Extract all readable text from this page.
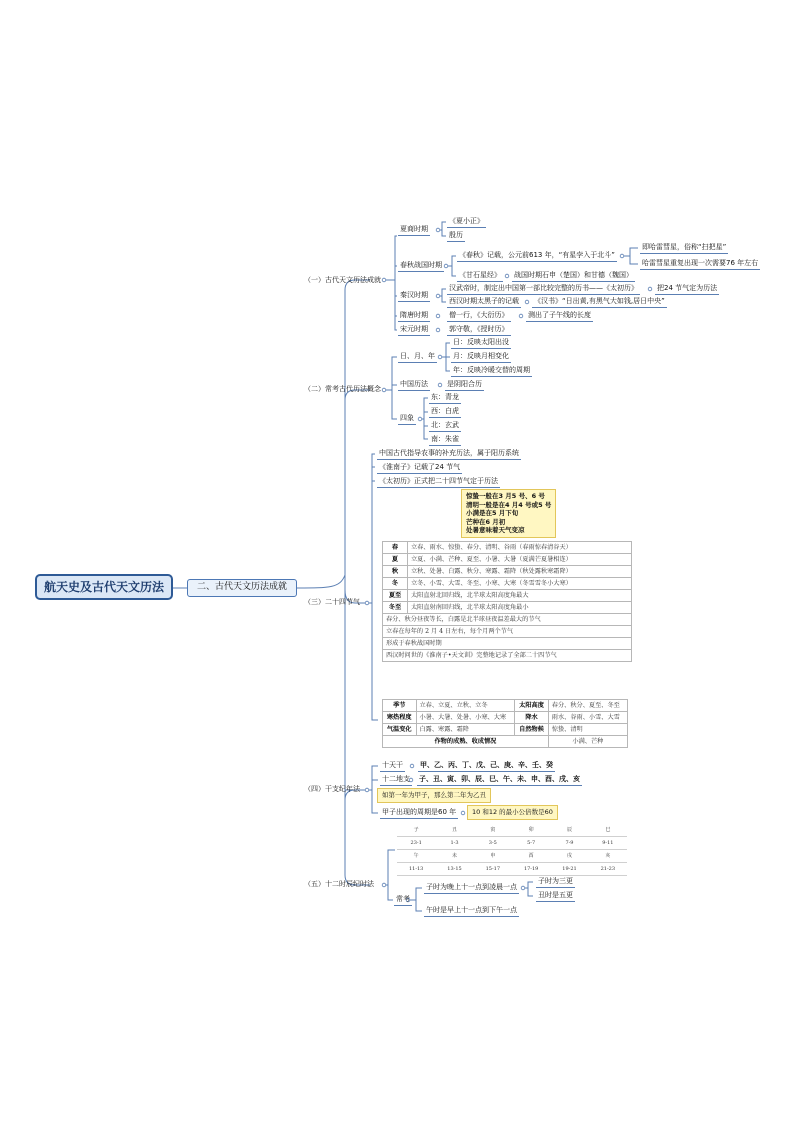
航天史及古代天文历法	二、古代天文历法成就
（一）古代天文历法成就
夏商时期
《夏小正》
殷历
春秋战国时期
《春秋》记载，公元前613 年，“有星孛入于北斗”
即哈雷彗星，俗称“扫把星”
哈雷彗星重复出现一次需要76 年左右
《甘石星经》 战国时期石申（楚国）和甘德（魏国）
秦汉时期
汉武帝时，制定出中国第一部比较完整的历书——《太初历》	把24 节气定为历法
西汉时期太黑子的记载 《汉书》“日出黄,有黑气大如钱,居日中央”
隋唐时期	僧一行，《大衍历》	测出了子午线的长度
宋元时期	郭守敬，《授时历》
（二）常考古代历法概念
日、月、年
日：反映太阳出没
月：反映月相变化
年：反映冷暖交替的周期
中国历法	是阴阳合历
四象
东：青龙
西：白虎
北：玄武
南：朱雀
（三）二十四节气
中国古代指导农事的补充历法，属于阳历系统
《淮南子》记载了24 节气
《太初历》正式把二十四节气定于历法
惊蛰一般在3 月5 号、6 号
清明一般是在4 月4 号或5 号
小满是在5 月下旬
芒种在6 月初
处暑意味着天气变凉
春	立春、雨水、惊蛰、春分、清明、谷雨（春雨惊春清谷天）
夏	立夏、小满、芒种、夏至、小暑、大暑（夏满芒夏暑相连）
秋	立秋、处暑、白露、秋分、寒露、霜降（秋处露秋寒霜降）
冬	立冬、小雪、大雪、冬至、小寒、大寒（冬雪雪冬小大寒）
夏至	太阳直射北回归线，北半球太阳高度角最大
冬至	太阳直射南回归线，北半球太阳高度角最小
春分、秋分昼夜等长，白露是北半球昼夜温差最大的节气	
立春在每年的 2 月 4 日左右，每个月两个节气	
形成于春秋战国时期	
西汉时问世的《淮南子•天文训》完整地记录了全部二十四节气	
季节	立春、立夏、立秋、立冬	太阳高度	春分、秋分、夏至、冬至
寒热程度	小暑、大暑、处暑、小寒、大寒	降水	雨水、谷雨、小雪、大雪
气温变化	白露、寒露、霜降	自然物候	惊蛰、清明
作物的成熟、收成情况			小满、芒种
（四）干支纪年法
十天干 甲、乙、丙、丁、戊、己、庚、辛、壬、癸
十二地支 子、丑、寅、卯、辰、巳、午、未、申、酉、戌、亥
如第一年为甲子，那么第二年为乙丑
甲子出现的周期是60 年	10 和12 的最小公倍数是60
（五）十二时辰纪时法
子	丑	寅	卯	辰	巳
23-1	1-3	3-5	5-7	7-9	9-11
午	未	申	酉	戌	亥
11-13	13-15	15-17	17-19	19-21	21-23
常考
子时为晚上十一点到凌晨一点
子时为三更
丑时是五更
午时是早上十一点到下午一点
